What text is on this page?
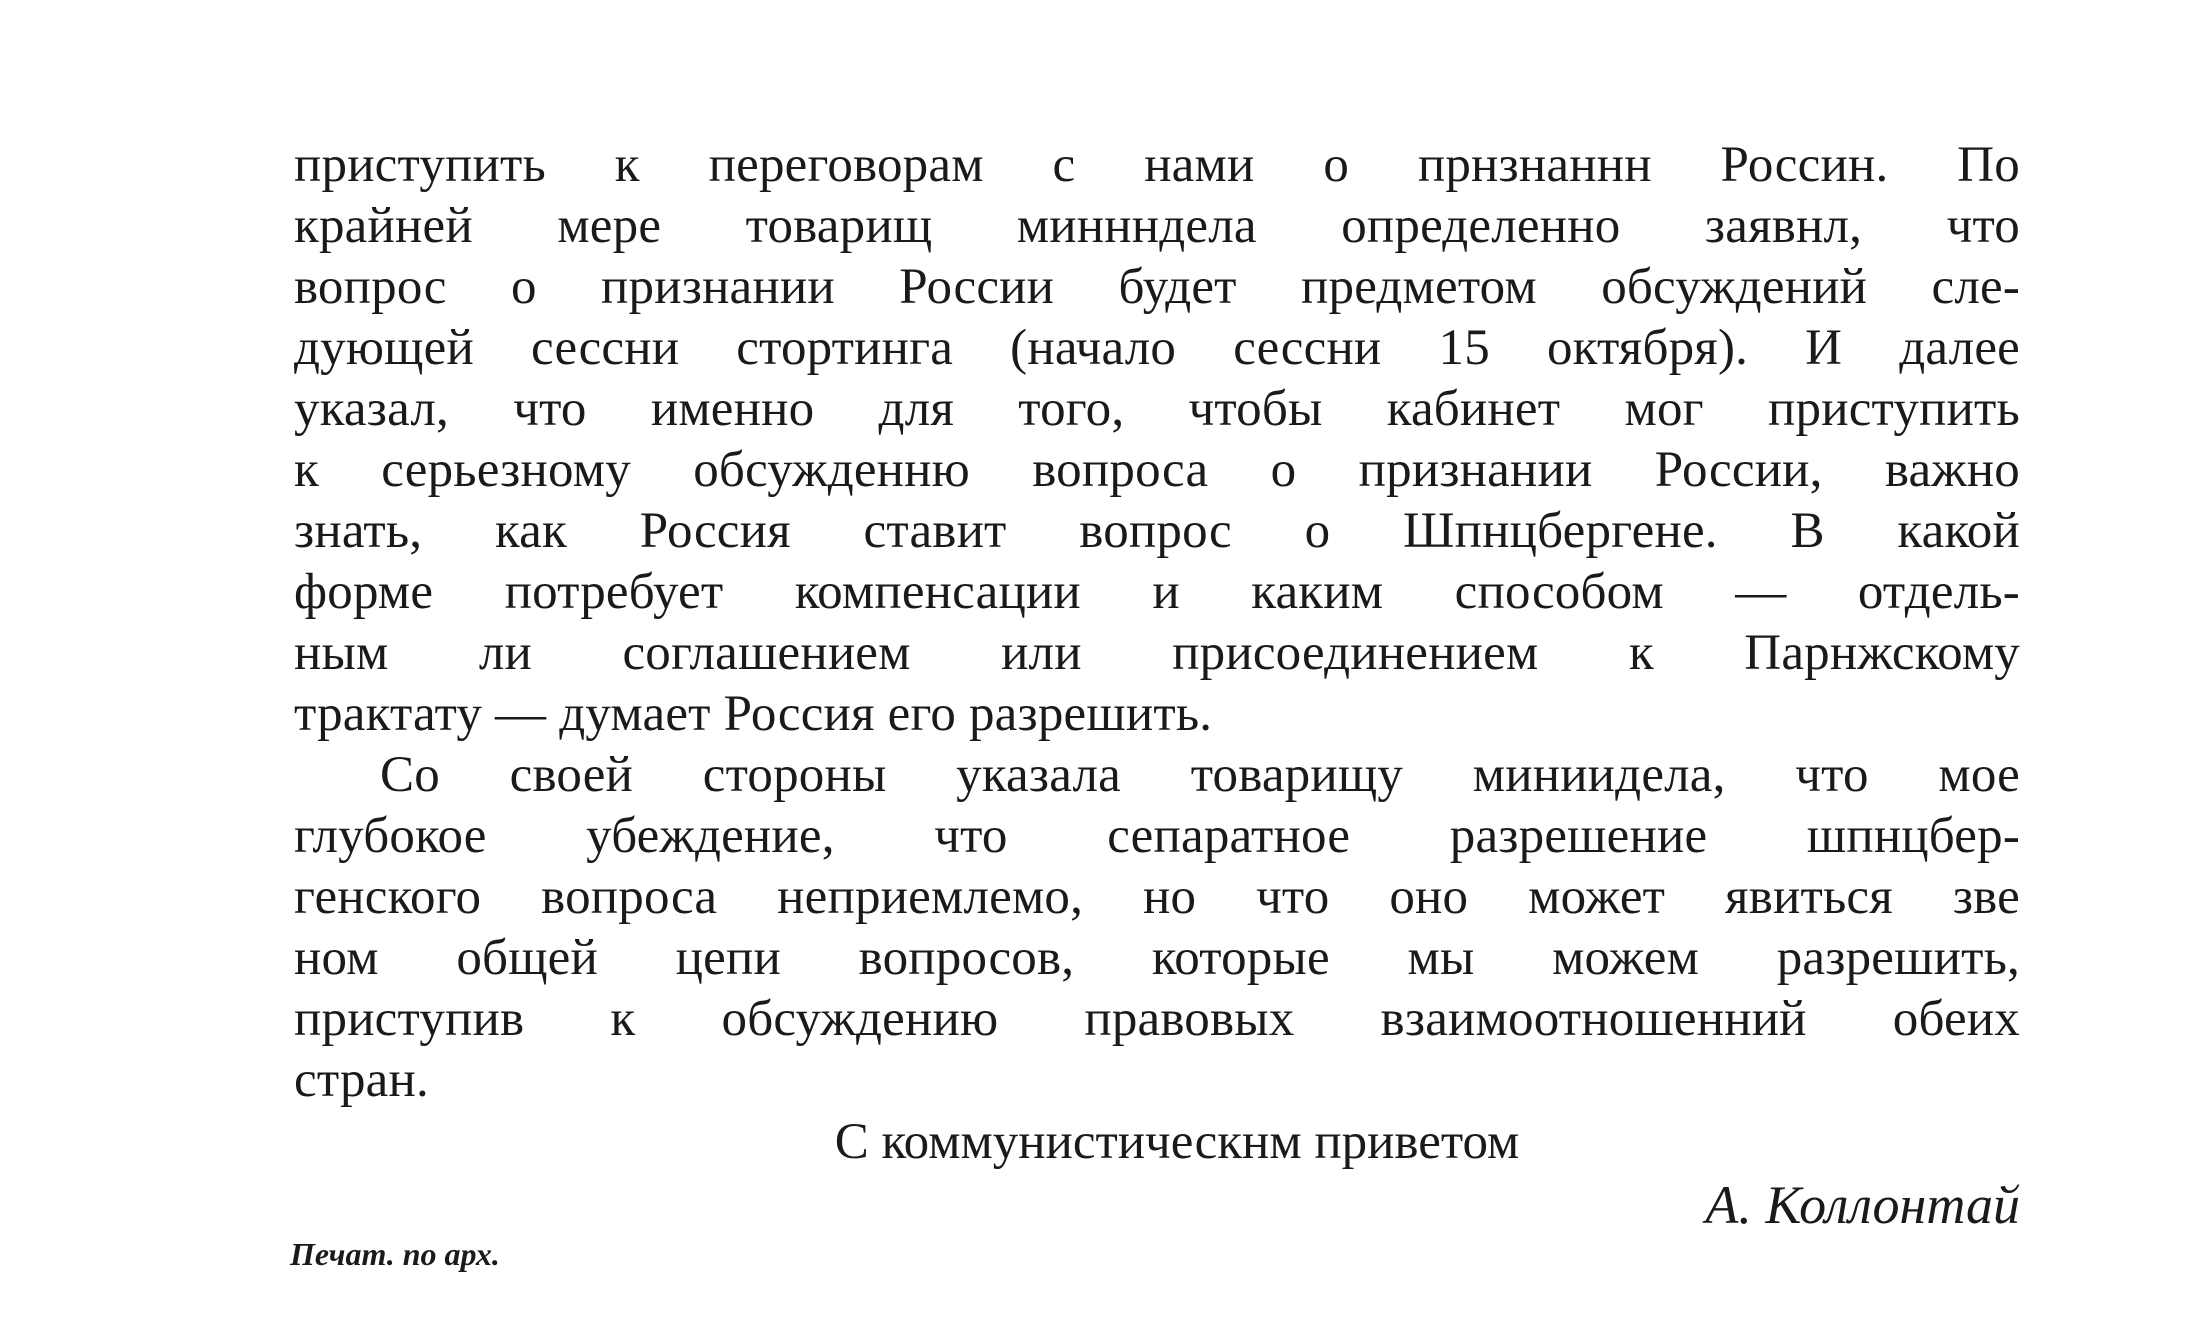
приступить к переговорам с нами о прнзнаннн Россин. По
крайней мере товарищ миннндела определенно заявнл, что
вопрос о признании России будет предметом обсуждений сле-
дующей сессни стортинга (начало сессни 15 октября). И далее
указал, что именно для того, чтобы кабинет мог приступить
к серьезному обсужденню вопроса о признании России, важно
знать, как Россия ставит вопрос о Шпнцбергене. В какой
форме потребует компенсации и каким способом — отдель-
ным ли соглашением или присоединением к Парнжскому
трактату — думает Россия его разрешить.
Со своей стороны указала товарищу миниидела, что мое
глубокое убеждение, что сепаратное разрешение шпнцбер-
генского вопроса неприемлемо, но что оно может явиться зве
ном общей цепи вопросов, которые мы можем разрешить,
приступив к обсуждению правовых взаимоотношенний обеих
стран.
С коммунистическнм приветом
А. Коллонтай
Печат. по арх.
